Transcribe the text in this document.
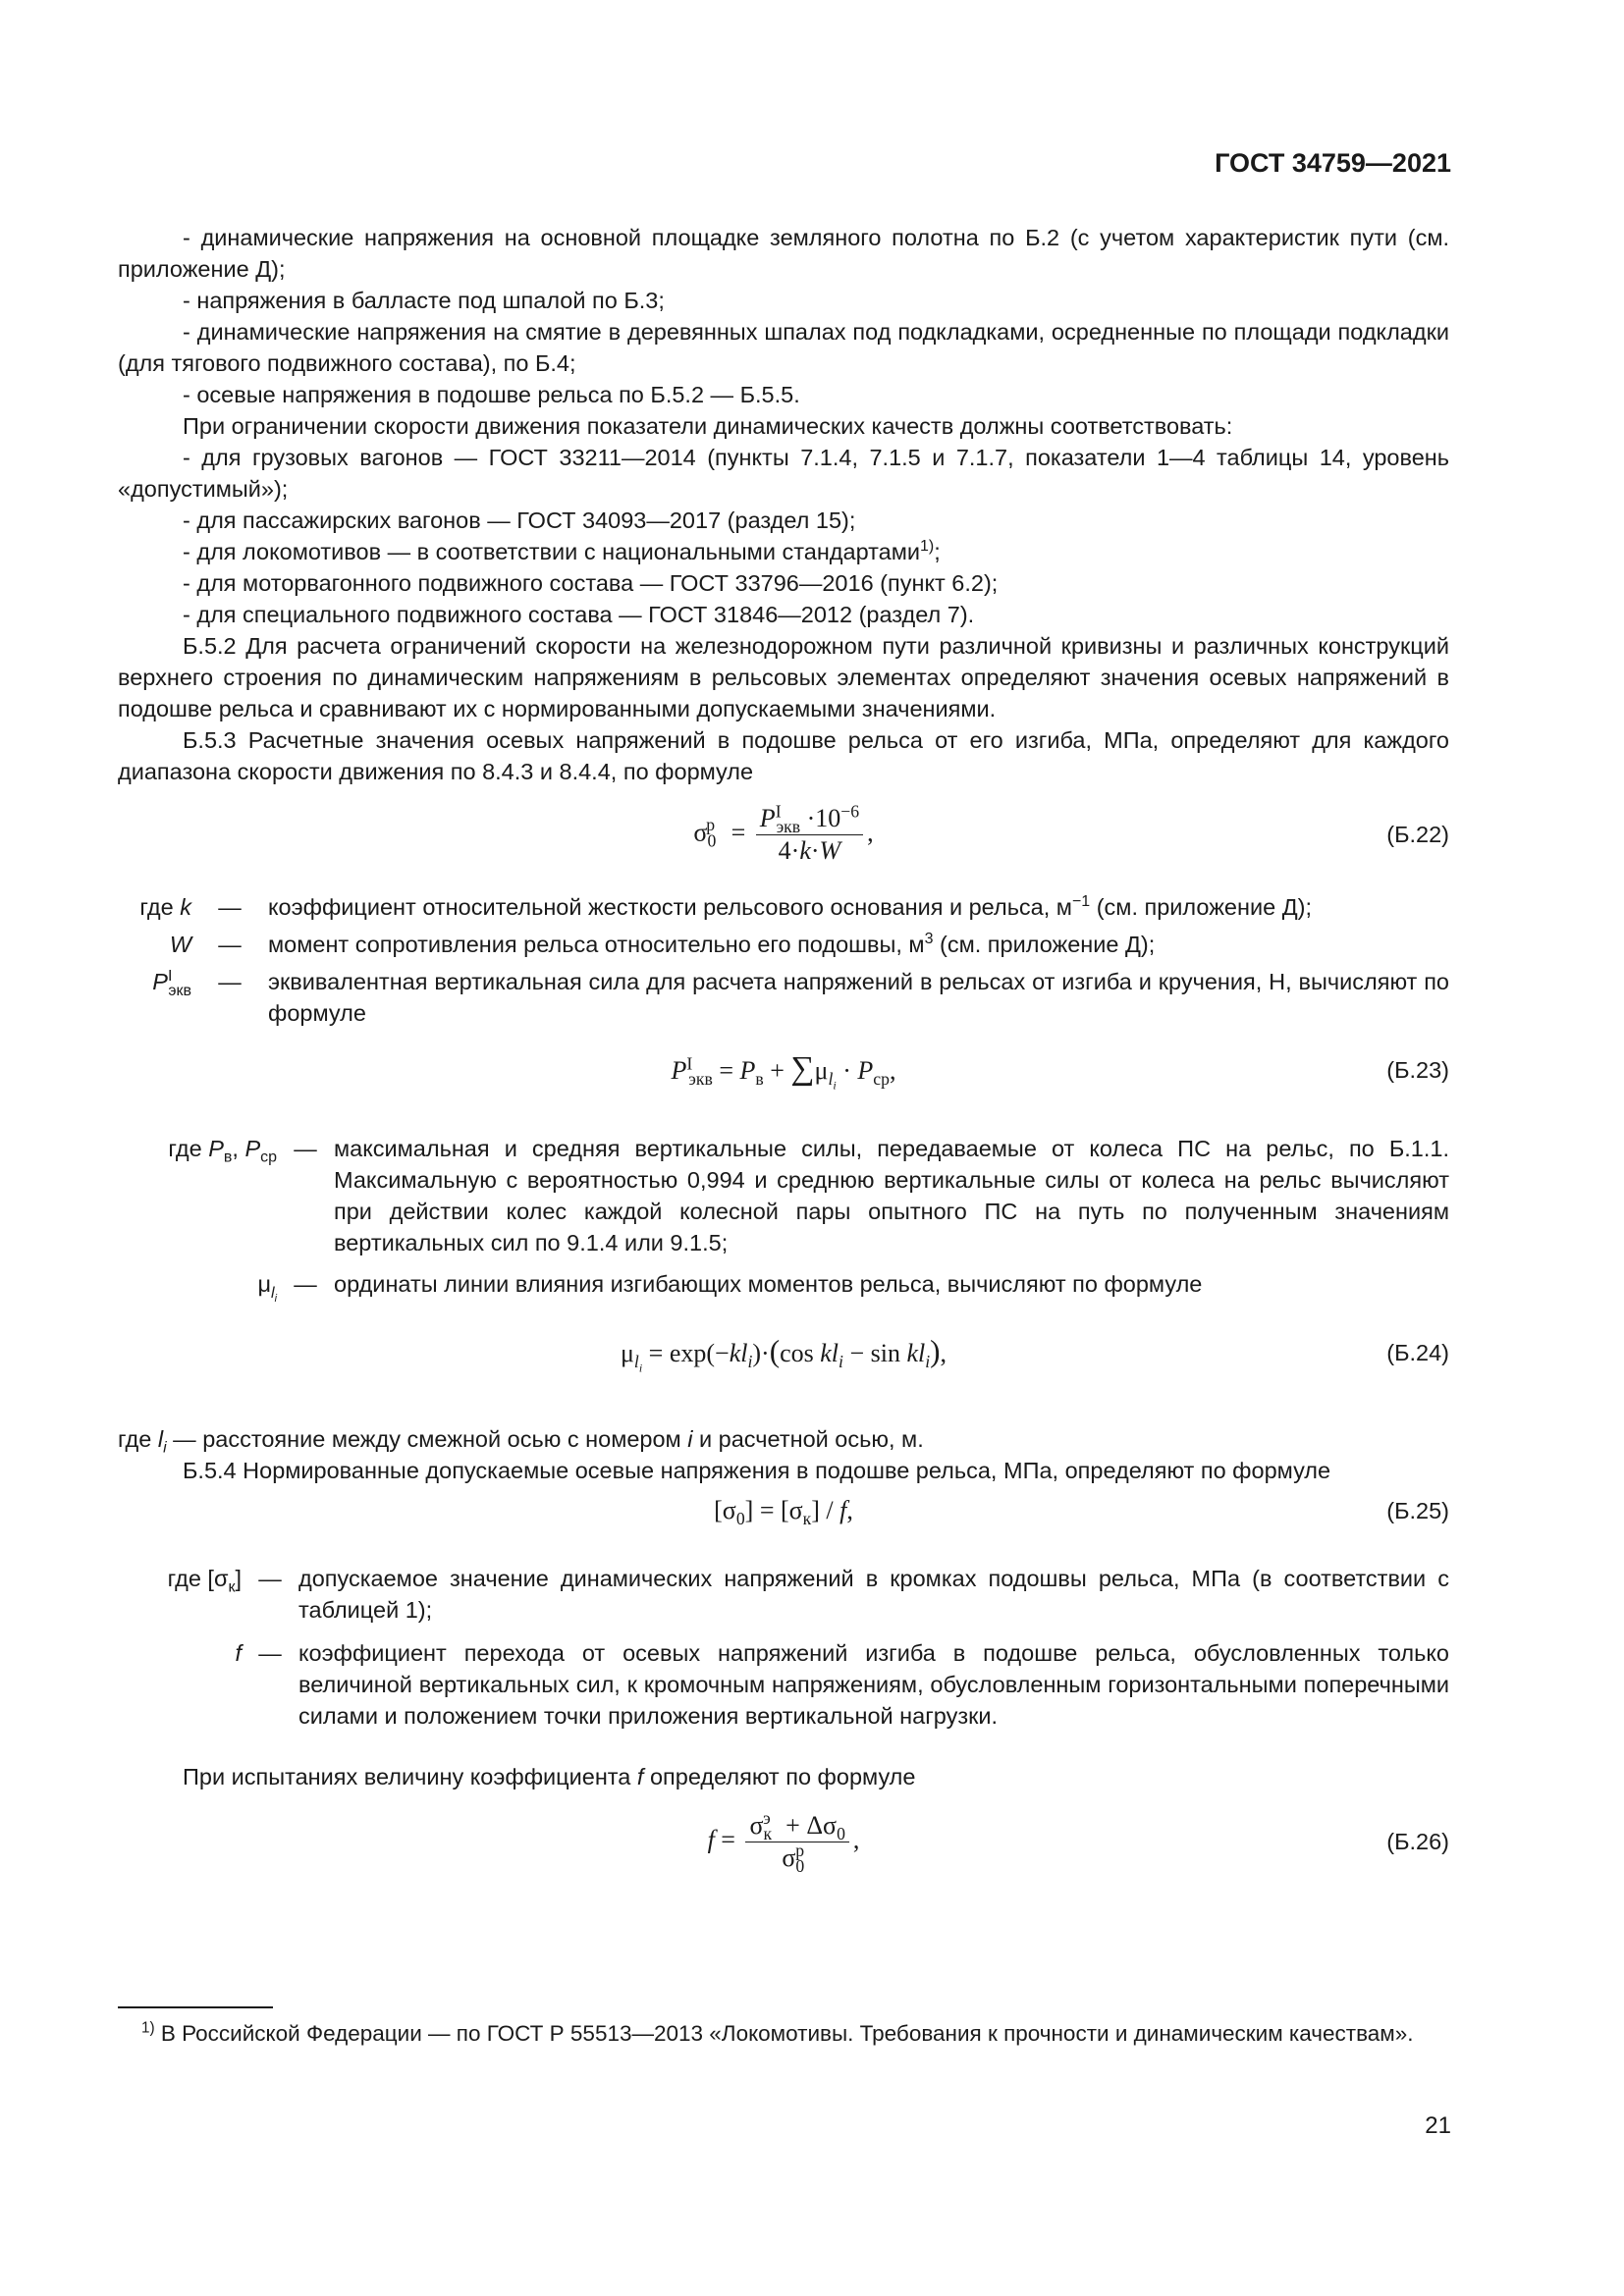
ГОСТ 34759—2021

- динамические напряжения на основной площадке земляного полотна по Б.2 (с учетом характеристик пути (см. приложение Д);

- напряжения в балласте под шпалой по Б.3;

- динамические напряжения на смятие в деревянных шпалах под подкладками, осредненные по площади подкладки (для тягового подвижного состава), по Б.4;

- осевые напряжения в подошве рельса по Б.5.2 — Б.5.5.

При ограничении скорости движения показатели динамических качеств должны соответствовать:

- для грузовых вагонов — ГОСТ 33211—2014 (пункты 7.1.4, 7.1.5 и 7.1.7, показатели 1—4 таблицы 14, уровень «допустимый»);

- для пассажирских вагонов — ГОСТ 34093—2017 (раздел 15);

- для локомотивов — в соответствии с национальными стандартами$^{1)}$;

- для моторвагонного подвижного состава — ГОСТ 33796—2016 (пункт 6.2);

- для специального подвижного состава — ГОСТ 31846—2012 (раздел 7).

Б.5.2 Для расчета ограничений скорости на железнодорожном пути различной кривизны и различных конструкций верхнего строения по динамическим напряжениям в рельсовых элементах определяют значения осевых напряжений в подошве рельса и сравнивают их с нормированными допускаемыми значениями.

Б.5.3 Расчетные значения осевых напряжений в подошве рельса от его изгиба, МПа, определяют для каждого диапазона скорости движения по 8.4.3 и 8.4.4, по формуле

$\sigma_0^р = \frac{P^I_{экв} \cdot 10^{-6}}{4\cdot k\cdot W}$ ,	(Б.22)
где k	—	коэффициент относительной жесткости рельсового основания и рельса, $м^{-1}$ (см. приложение Д);
W	—	момент сопротивления рельса относительно его подошвы, $м^3$ (см. приложение Д);
$P^I_{экв}$	—	эквивалентная вертикальная сила для расчета напряжений в рельсах от изгиба и кручения, Н, вычисляют по формуле
$P^I_{экв} = P_в + \sum\mu_{l_i} \cdot P_{ср}$,	(Б.23)
где $P_в$, $P_{ср}$ — максимальная и средняя вертикальные силы, передаваемые от колеса ПС на рельс, по Б.1.1. Максимальную с вероятностью 0,994 и среднюю вертикальные силы от колеса на рельс вычисляют при действии колес каждой колесной пары опытного ПС на путь по полученным значениям вертикальных сил по 9.1.4 или 9.1.5;
$\mu_{l_i}$
— ординаты линии влияния изгибающих моментов рельса, вычисляют по формуле
$\mu_{l_i} = \exp(-kl_i)\cdot(\cos$ $kl_i - \sin kl_i$),	(Б.24)

где $l_i$ — расстояние между смежной осью с номером i и расчетной осью, м.

Б.5.4 Нормированные допускаемые осевые напряжения в подошве рельса, МПа, определяют по формуле

$[\sigma_0] = [\sigma_к] / f$,	(Б.25)
где $[\sigma_к]$ — допускаемое значение динамических напряжений в кромках подошвы рельса, МПа (в соответствии с таблицей 1);
f — коэффициент перехода от осевых напряжений изгиба в подошве рельса, обусловленных только величиной вертикальных сил, к кромочным напряжениям, обусловленным горизонтальными поперечными силами и положением точки приложения вертикальной нагрузки.

При испытаниях величину коэффициента f определяют по формуле

$f = \frac{\sigma_к^э + \Delta\sigma_0}{\sigma_0^р}$ ,	(Б.26)

$^{1)}$ В Российской Федерации — по ГОСТ Р 55513—2013 «Локомотивы. Требования к прочности и динамическим качествам».

21
